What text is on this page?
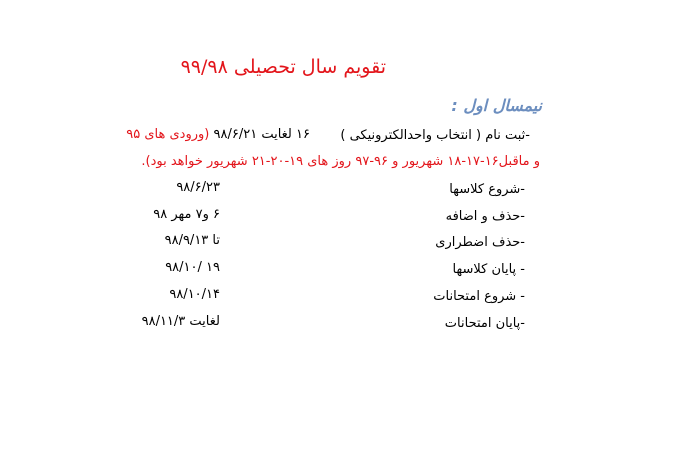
تقویم سال تحصیلی ۹۹/۹۸
نیمسال اول :
-ثبت نام ( انتخاب واحدالکترونیکی )
۱۶ لغایت ۹۸/۶/۲۱ (ورودی های ۹۵
و ماقبل۱۶-۱۷-۱۸ شهریور و ۹۶-۹۷ روز های ۱۹-۲۰-۲۱ شهریور خواهد بود).
-شروع کلاسها
۹۸/۶/۲۳
-حذف و اضافه
۶ و۷ مهر ۹۸
-حذف اضطراری
تا ۹۸/۹/۱۳
- پایان کلاسها
۹۸/۱۰/ ۱۹
- شروع امتحانات
۹۸/۱۰/۱۴
-پایان امتحانات
لغایت ۹۸/۱۱/۳
